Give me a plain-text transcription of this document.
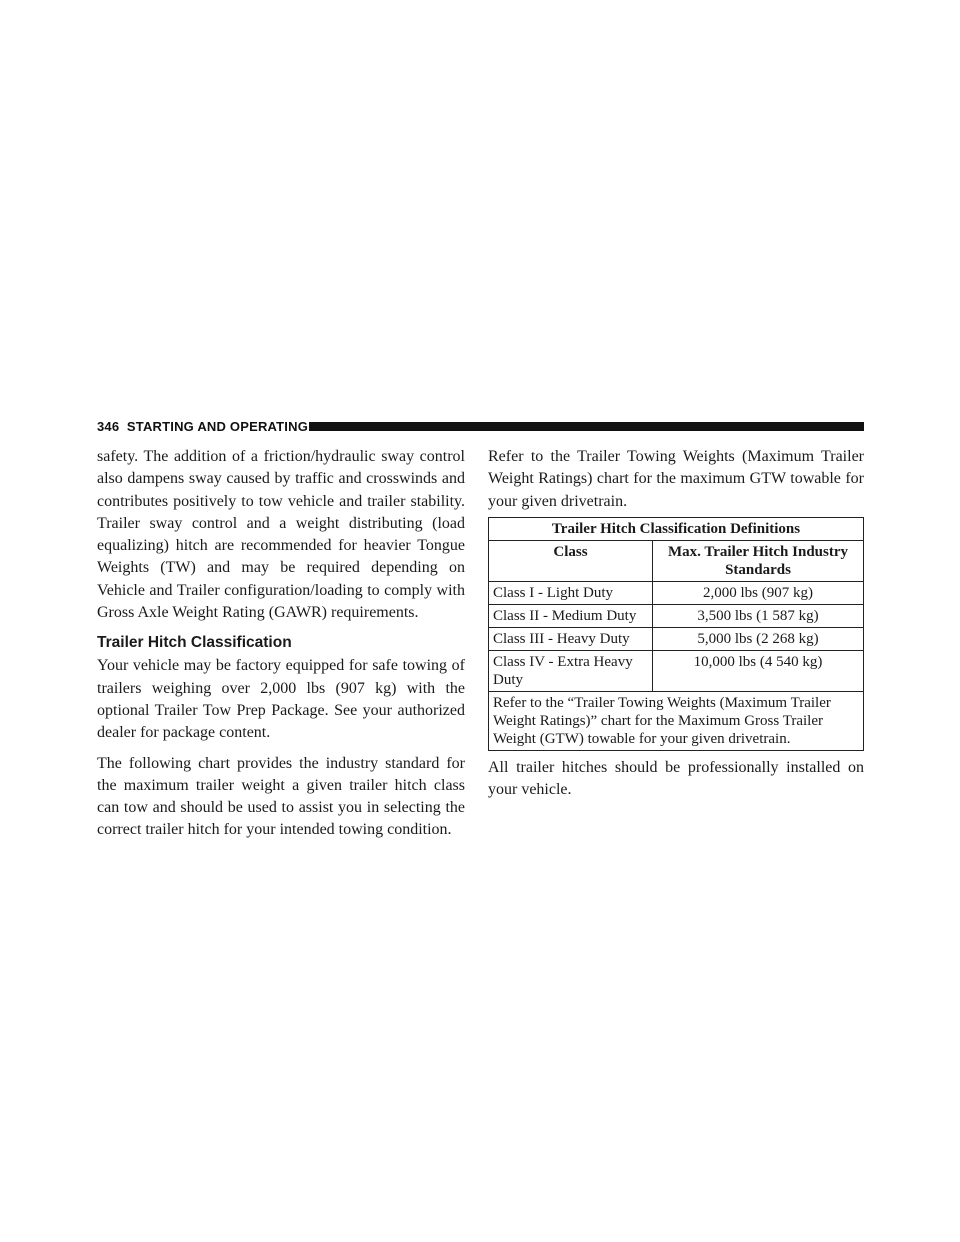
346 STARTING AND OPERATING

safety. The addition of a friction/hydraulic sway control also dampens sway caused by traffic and crosswinds and contributes positively to tow vehicle and trailer stability. Trailer sway control and a weight distributing (load equalizing) hitch are recommended for heavier Tongue Weights (TW) and may be required depending on Vehicle and Trailer configuration/loading to comply with Gross Axle Weight Rating (GAWR) requirements.

Trailer Hitch Classification

Your vehicle may be factory equipped for safe towing of trailers weighing over 2,000 lbs (907 kg) with the optional Trailer Tow Prep Package. See your authorized dealer for package content.

The following chart provides the industry standard for the maximum trailer weight a given trailer hitch class can tow and should be used to assist you in selecting the correct trailer hitch for your intended towing condition.

Refer to the Trailer Towing Weights (Maximum Trailer Weight Ratings) chart for the maximum GTW towable for your given drivetrain.

Trailer Hitch Classification Definitions	
Class	Max. Trailer Hitch Industry Standards
Class I - Light Duty	2,000 lbs (907 kg)
Class II - Medium Duty	3,500 lbs (1 587 kg)
Class III - Heavy Duty	5,000 lbs (2 268 kg)
Class IV - Extra Heavy Duty	10,000 lbs (4 540 kg)
Refer to the “Trailer Towing Weights (Maximum Trailer Weight Ratings)” chart for the Maximum Gross Trailer Weight (GTW) towable for your given drivetrain.	

All trailer hitches should be professionally installed on your vehicle.
